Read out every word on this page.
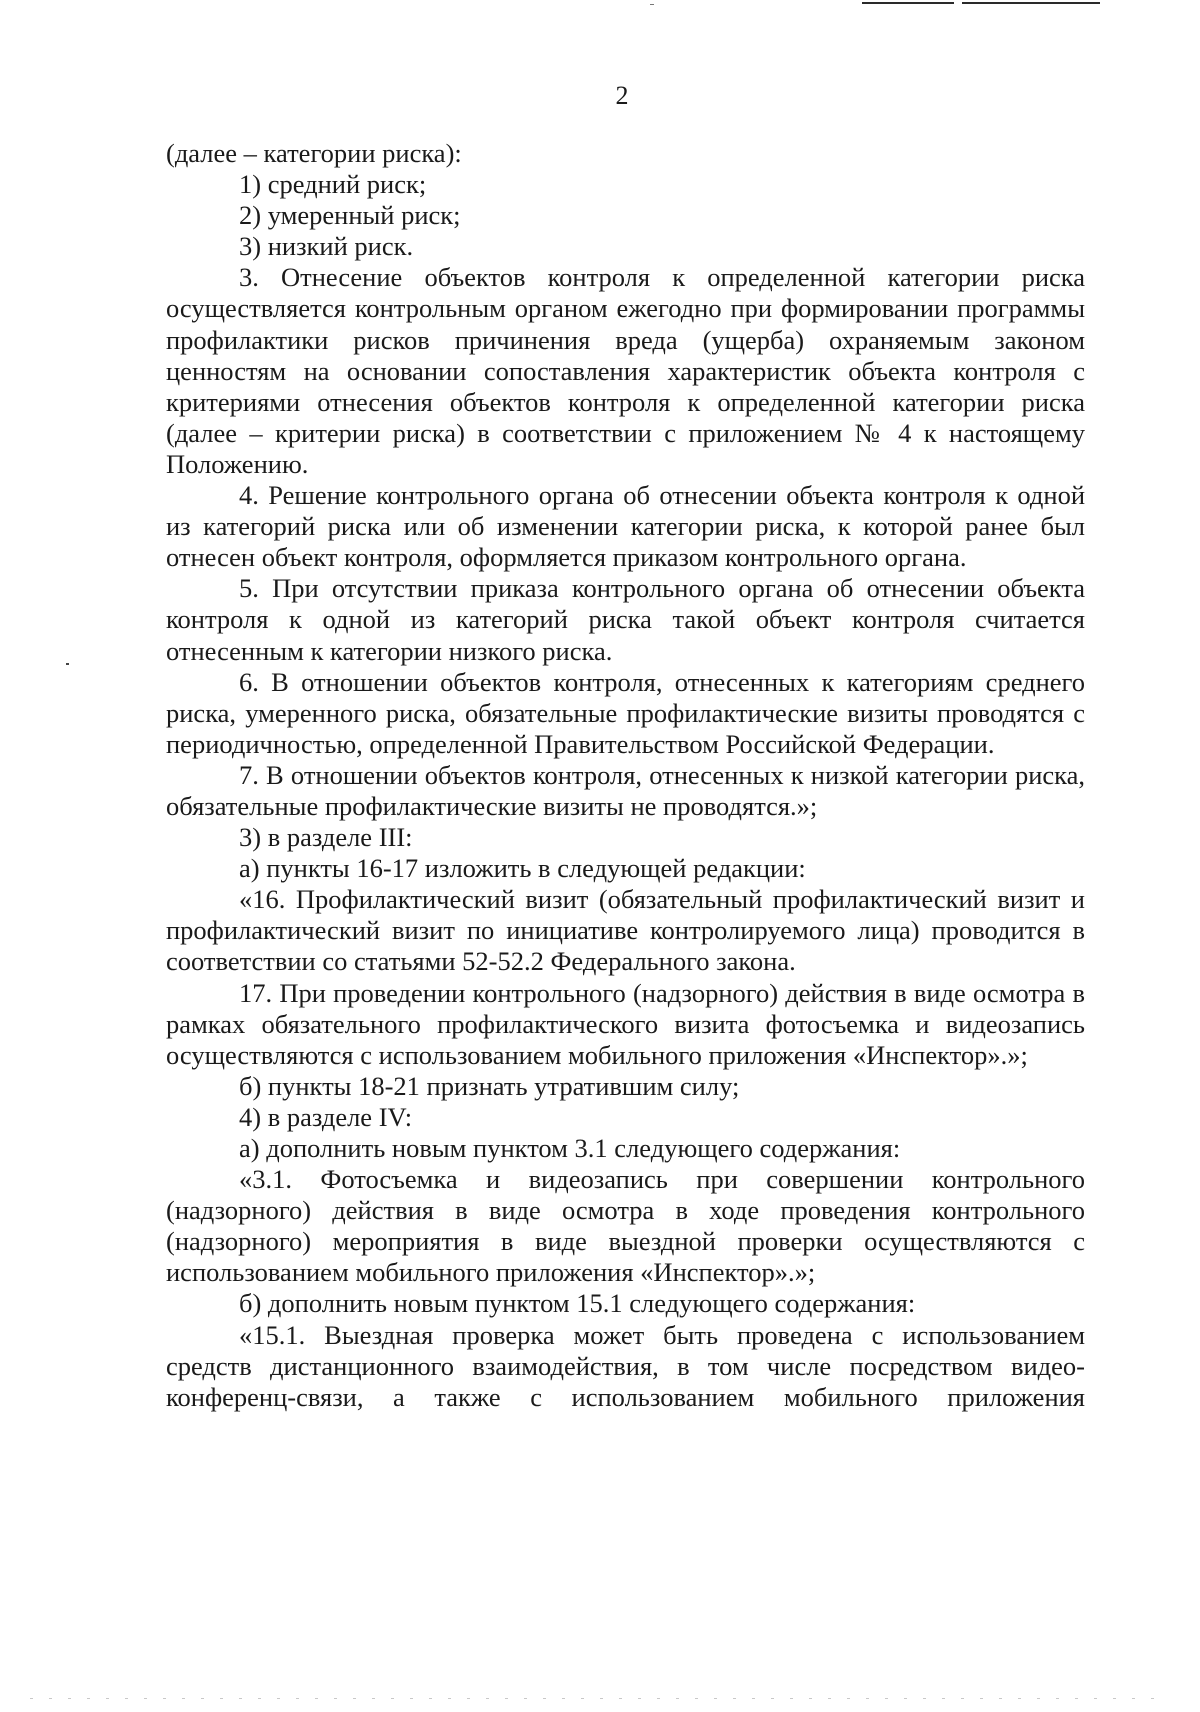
2

(далее – категории риска):

1) средний риск;

2) умеренный риск;

3) низкий риск.

3. Отнесение объектов контроля к определенной категории риска осуществляется контрольным органом ежегодно при формировании программы профилактики рисков причинения вреда (ущерба) охраняемым законом ценностям на основании сопоставления характеристик объекта контроля с критериями отнесения объектов контроля к определенной категории риска (далее – критерии риска) в соответствии с приложением № 4 к настоящему Положению.

4. Решение контрольного органа об отнесении объекта контроля к одной из категорий риска или об изменении категории риска, к которой ранее был отнесен объект контроля, оформляется приказом контрольного органа.

5. При отсутствии приказа контрольного органа об отнесении объекта контроля к одной из категорий риска такой объект контроля считается отнесенным к категории низкого риска.

6. В отношении объектов контроля, отнесенных к категориям среднего риска, умеренного риска, обязательные профилактические визиты проводятся с периодичностью, определенной Правительством Российской Федерации.

7. В отношении объектов контроля, отнесенных к низкой категории риска, обязательные профилактические визиты не проводятся.»;

3) в разделе III:

а) пункты 16-17 изложить в следующей редакции:

«16. Профилактический визит (обязательный профилактический визит и профилактический визит по инициативе контролируемого лица) проводится в соответствии со статьями 52-52.2 Федерального закона.

17. При проведении контрольного (надзорного) действия в виде осмотра в рамках обязательного профилактического визита фотосъемка и видеозапись осуществляются с использованием мобильного приложения «Инспектор».»;

б) пункты 18-21 признать утратившим силу;

4) в разделе IV:

а) дополнить новым пунктом 3.1 следующего содержания:

«3.1. Фотосъемка и видеозапись при совершении контрольного (надзорного) действия в виде осмотра в ходе проведения контрольного (надзорного) мероприятия в виде выездной проверки осуществляются с использованием мобильного приложения «Инспектор».»;

б) дополнить новым пунктом 15.1 следующего содержания:

«15.1. Выездная проверка может быть проведена с использованием средств дистанционного взаимодействия, в том числе посредством видео-конференц-связи, а также с использованием мобильного приложения
